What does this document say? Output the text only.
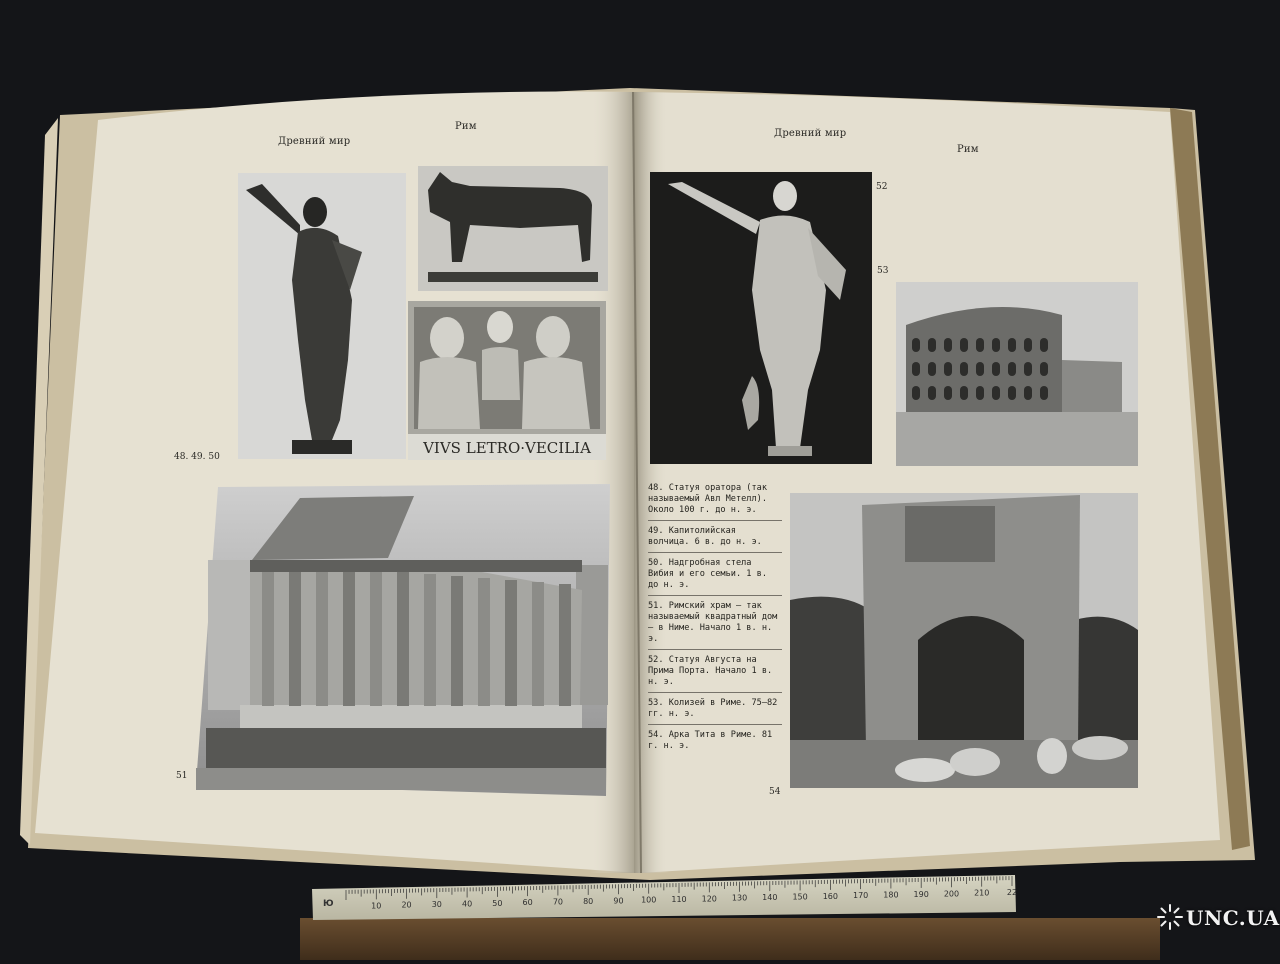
VIVS LETRO·VECILIA
10	20	30	40	50	60	70	80	90 100 110 120 130 140 150 160 170 180 190 200 210 22
Ю
Древний мир
Рим
48. 49. 50
51
Древний мир
Рим
52
53
54
48. Статуя оратора (так называемый Авл Метелл). Около 100 г. до н. э.
49. Капитолийская волчица. 6 в. до н. э.
50. Надгробная стела Вибия и его семьи. 1 в. до н. э.
51. Римский храм — так называемый квадратный дом — в Ниме. Начало 1 в. н. э.
52. Статуя Августа на Прима Порта. Начало 1 в. н. э.
53. Колизей в Риме. 75—82 гг. н. э.
54. Арка Тита в Риме. 81 г. н. э.
UNC.UA
